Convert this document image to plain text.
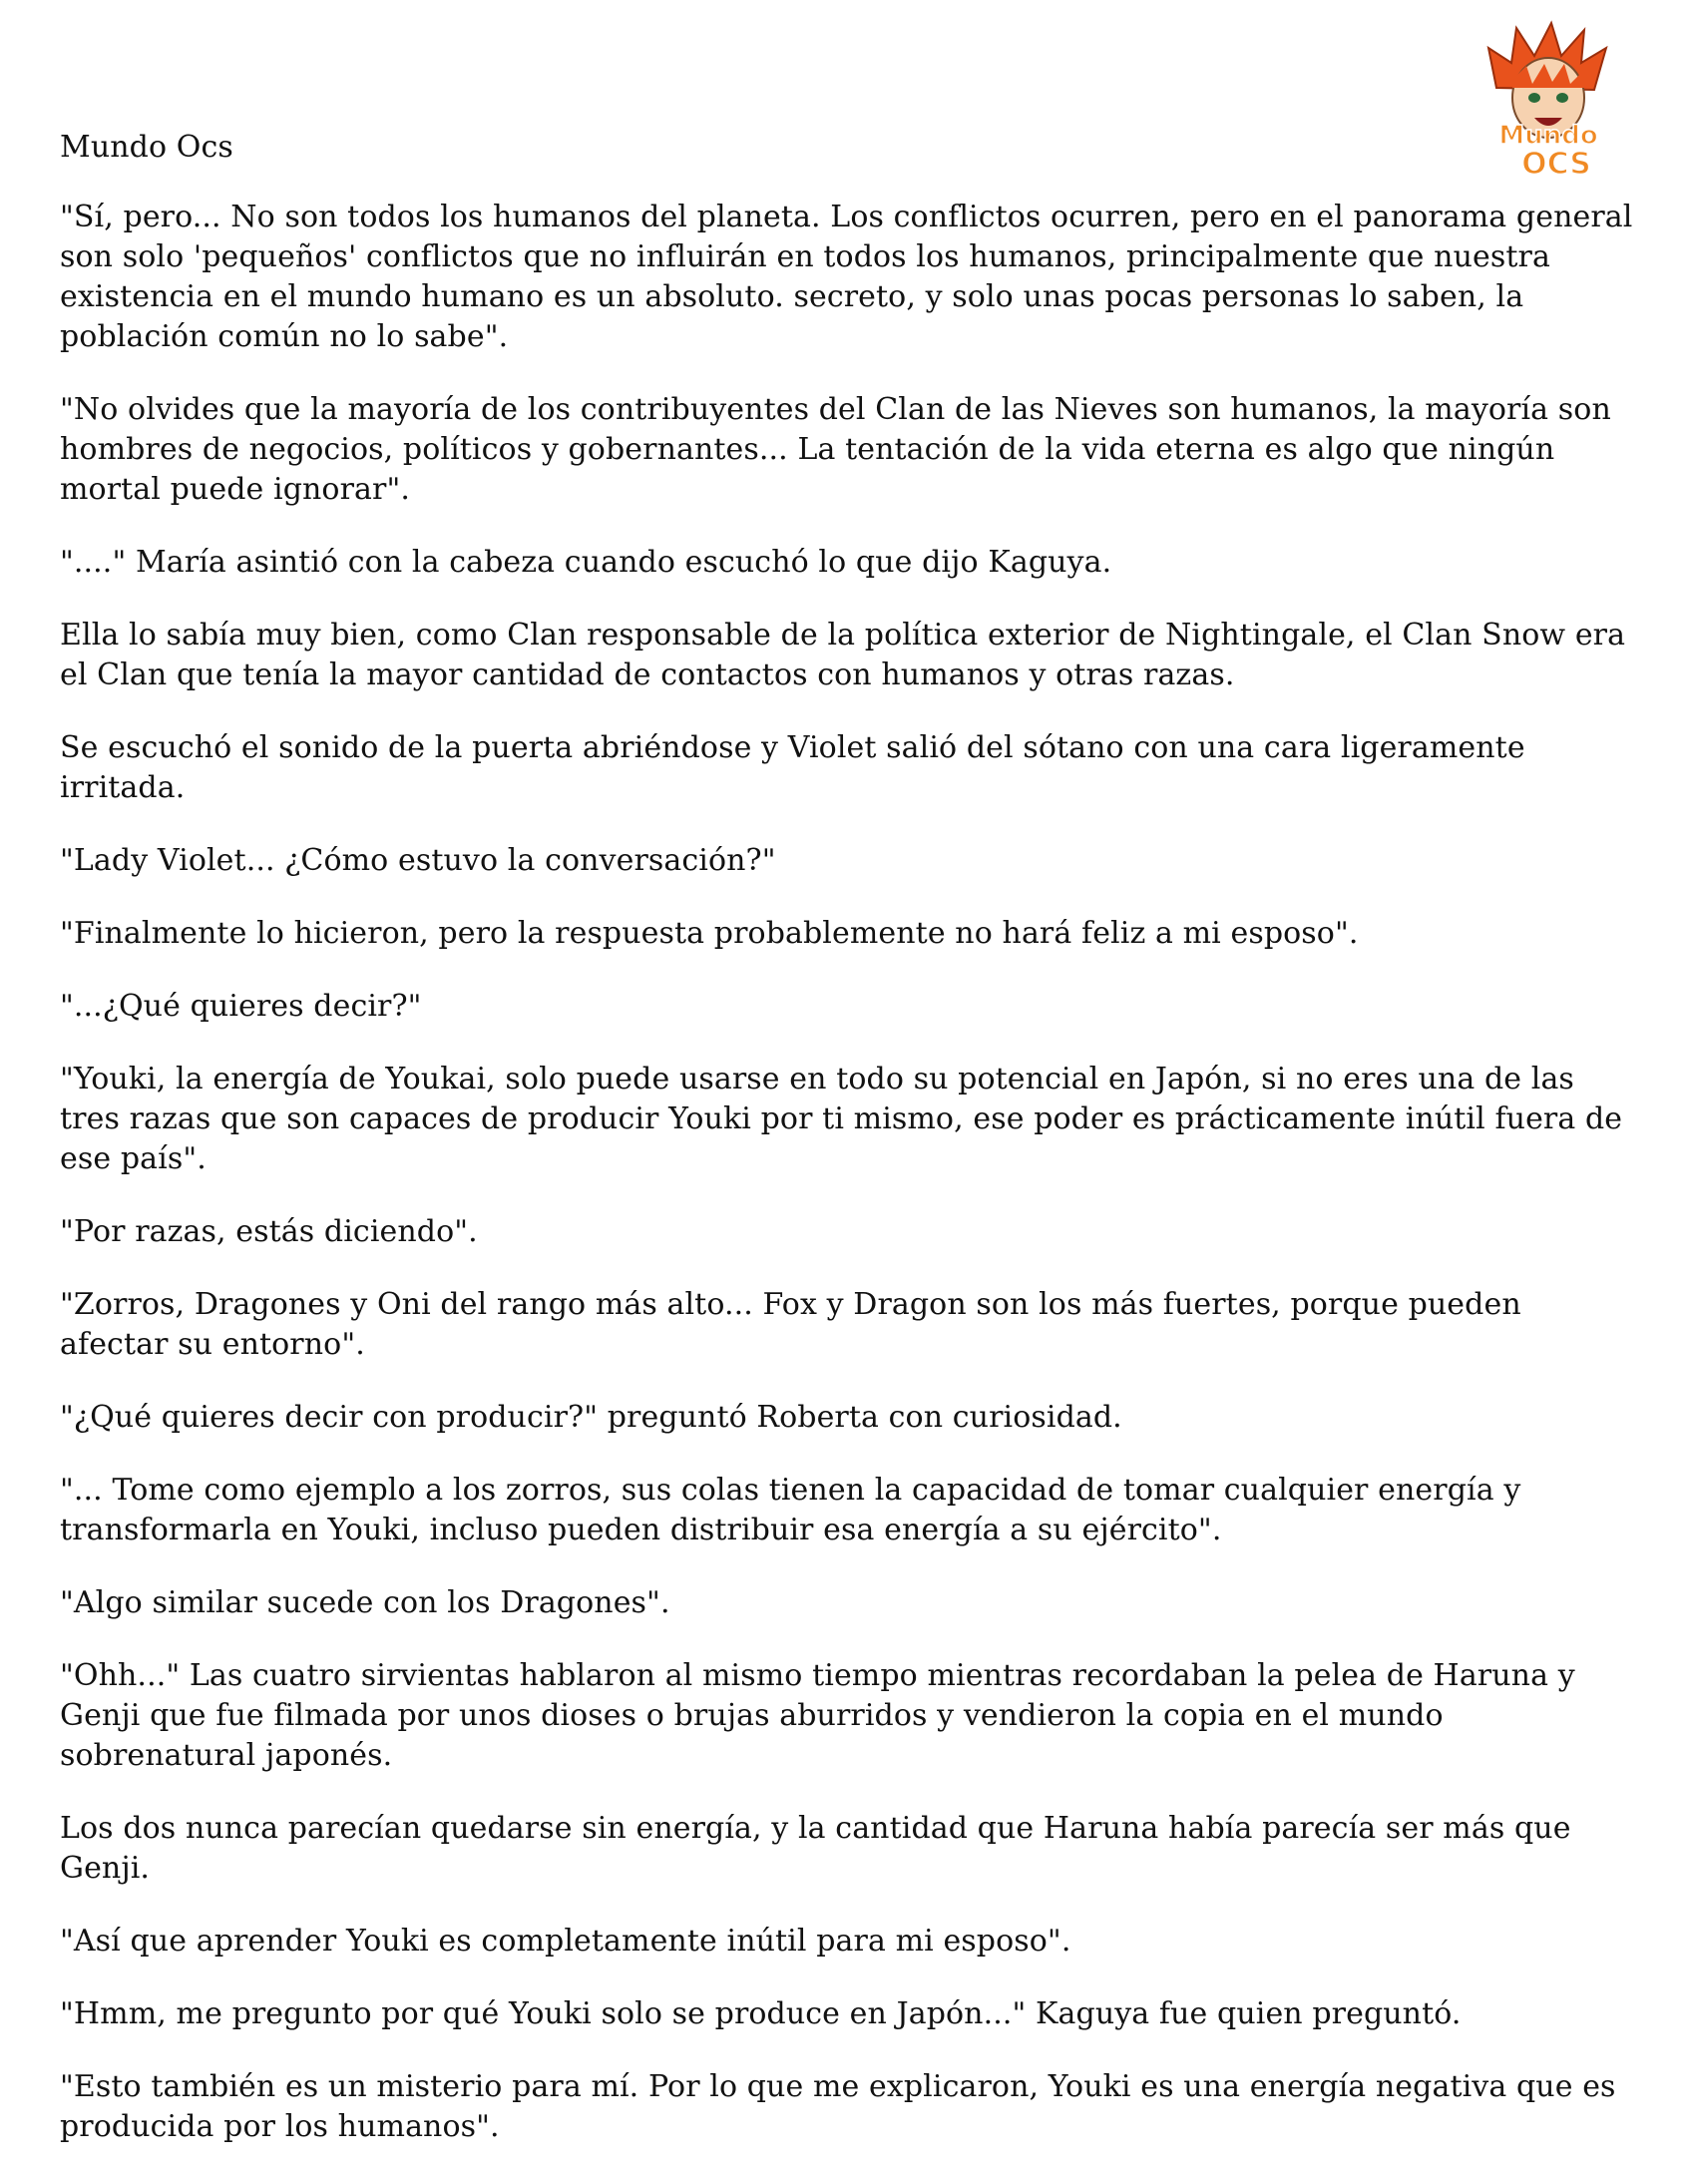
Mundo
OCS
Mundo Ocs

"Sí, pero... No son todos los humanos del planeta. Los conflictos ocurren, pero en el panorama general son solo 'pequeños' conflictos que no influirán en todos los humanos, principalmente que nuestra existencia en el mundo humano es un absoluto. secreto, y solo unas pocas personas lo saben, la población común no lo sabe".

"No olvides que la mayoría de los contribuyentes del Clan de las Nieves son humanos, la mayoría son hombres de negocios, políticos y gobernantes... La tentación de la vida eterna es algo que ningún mortal puede ignorar".

"...." María asintió con la cabeza cuando escuchó lo que dijo Kaguya.

Ella lo sabía muy bien, como Clan responsable de la política exterior de Nightingale, el Clan Snow era el Clan que tenía la mayor cantidad de contactos con humanos y otras razas.

Se escuchó el sonido de la puerta abriéndose y Violet salió del sótano con una cara ligeramente irritada.

"Lady Violet... ¿Cómo estuvo la conversación?"

"Finalmente lo hicieron, pero la respuesta probablemente no hará feliz a mi esposo".

"...¿Qué quieres decir?"

"Youki, la energía de Youkai, solo puede usarse en todo su potencial en Japón, si no eres una de las tres razas que son capaces de producir Youki por ti mismo, ese poder es prácticamente inútil fuera de ese país".

"Por razas, estás diciendo".

"Zorros, Dragones y Oni del rango más alto... Fox y Dragon son los más fuertes, porque pueden afectar su entorno".

"¿Qué quieres decir con producir?" preguntó Roberta con curiosidad.

"... Tome como ejemplo a los zorros, sus colas tienen la capacidad de tomar cualquier energía y transformarla en Youki, incluso pueden distribuir esa energía a su ejército".

"Algo similar sucede con los Dragones".

"Ohh..." Las cuatro sirvientas hablaron al mismo tiempo mientras recordaban la pelea de Haruna y Genji que fue filmada por unos dioses o brujas aburridos y vendieron la copia en el mundo sobrenatural japonés.

Los dos nunca parecían quedarse sin energía, y la cantidad que Haruna había parecía ser más que Genji.

"Así que aprender Youki es completamente inútil para mi esposo".

"Hmm, me pregunto por qué Youki solo se produce en Japón..." Kaguya fue quien preguntó.

"Esto también es un misterio para mí. Por lo que me explicaron, Youki es una energía negativa que es producida por los humanos".
